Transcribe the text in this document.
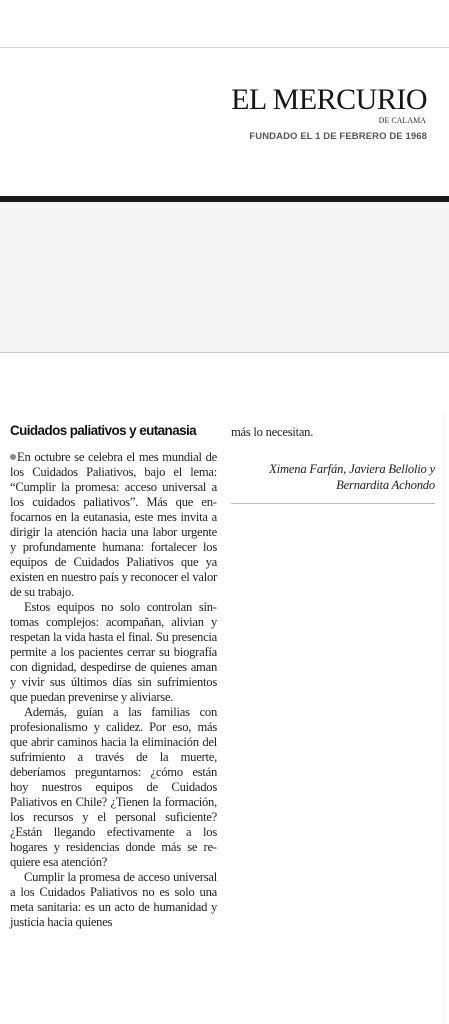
EL MERCURIO
DE CALAMA
FUNDADO EL 1 DE FEBRERO DE 1968
Cuidados paliativos y eutanasia

En octubre se celebra el mes mundial de los Cuidados Paliativos, bajo el lema: “Cumplir la promesa: acceso universal a los cuidados paliativos”. Más que enfocarnos en la eutanasia, este mes invita a dirigir la atención hacia una labor urgente y profundamente humana: fortalecer los equipos de Cuidados Paliativos que ya existen en nuestro país y reconocer el valor de su trabajo.

Estos equipos no solo controlan síntomas complejos: acompañan, alivian y respetan la vida hasta el final. Su presencia permite a los pacientes cerrar su biografía con dignidad, despedirse de quienes aman y vivir sus últimos días sin sufrimientos que puedan prevenirse y aliviarse.

Además, guían a las familias con profesionalismo y calidez. Por eso, más que abrir caminos hacia la eliminación del sufrimiento a través de la muerte, deberíamos preguntarnos: ¿cómo están hoy nuestros equipos de Cuidados Paliativos en Chile? ¿Tienen la formación, los recursos y el personal suficiente? ¿Están llegando efectivamente a los hogares y residencias donde más se requiere esa atención?

Cumplir la promesa de acceso universal a los Cuidados Paliativos no es solo una meta sanitaria: es un acto de humanidad y justicia hacia quienes

más lo necesitan.

Ximena Farfán, Javiera Bellolio y
Bernardita Achondo
